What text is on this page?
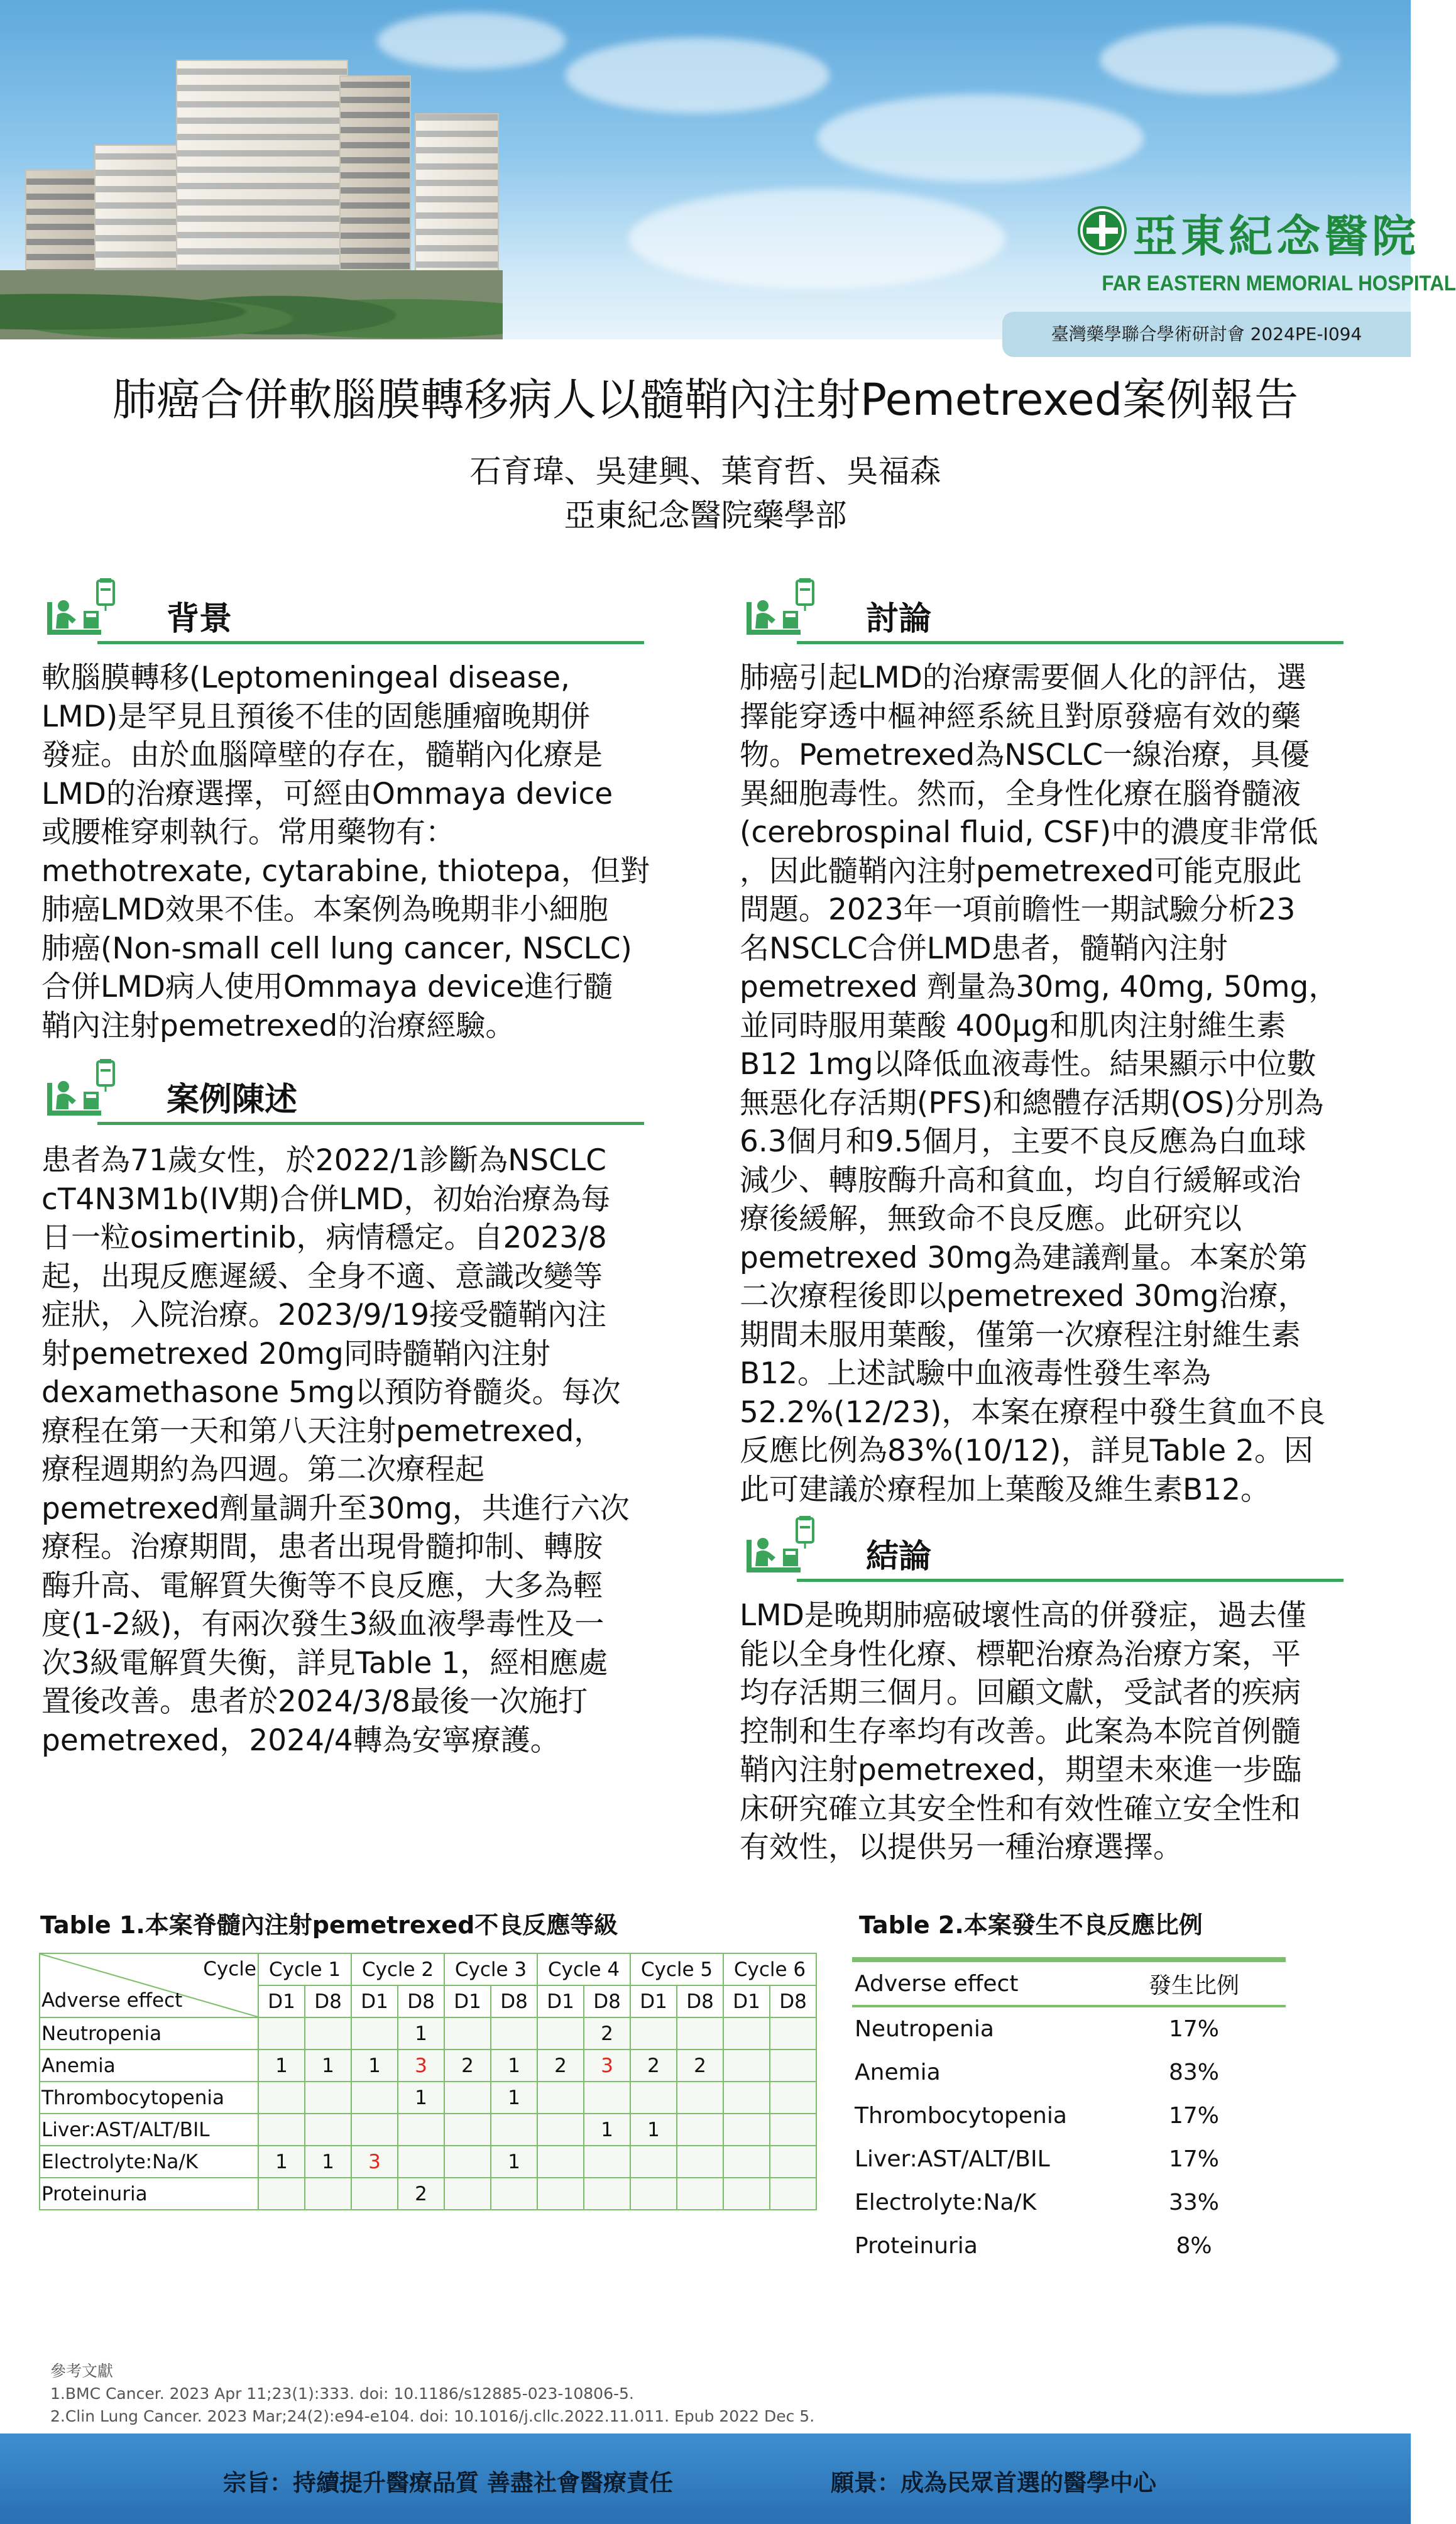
亞東紀念醫院
FAR EASTERN MEMORIAL HOSPITAL
臺灣藥學聯合學術研討會 2024PE-I094
肺癌合併軟腦膜轉移病人以髓鞘內注射Pemetrexed案例報告
石育瑋、吳建興、葉育哲、吳福森
亞東紀念醫院藥學部
背景
軟腦膜轉移(Leptomeningeal disease,
LMD)是罕見且預後不佳的固態腫瘤晚期併
發症。由於血腦障壁的存在，髓鞘內化療是
LMD的治療選擇，可經由Ommaya device
或腰椎穿刺執行。常用藥物有：
methotrexate, cytarabine, thiotepa，但對
肺癌LMD效果不佳。本案例為晚期非小細胞
肺癌(Non-small cell lung cancer, NSCLC)
合併LMD病人使用Ommaya device進行髓
鞘內注射pemetrexed的治療經驗。
案例陳述
患者為71歲女性，於2022/1診斷為NSCLC
cT4N3M1b(IV期)合併LMD，初始治療為每
日一粒osimertinib，病情穩定。自2023/8
起，出現反應遲緩、全身不適、意識改變等
症狀，入院治療。2023/9/19接受髓鞘內注
射pemetrexed 20mg同時髓鞘內注射
dexamethasone 5mg以預防脊髓炎。每次
療程在第一天和第八天注射pemetrexed，
療程週期約為四週。第二次療程起
pemetrexed劑量調升至30mg，共進行六次
療程。治療期間，患者出現骨髓抑制、轉胺
酶升高、電解質失衡等不良反應，大多為輕
度(1-2級)，有兩次發生3級血液學毒性及一
次3級電解質失衡，詳見Table 1，經相應處
置後改善。患者於2024/3/8最後一次施打
pemetrexed，2024/4轉為安寧療護。
討論
肺癌引起LMD的治療需要個人化的評估，選
擇能穿透中樞神經系統且對原發癌有效的藥
物。Pemetrexed為NSCLC一線治療，具優
異細胞毒性。然而，全身性化療在腦脊髓液
(cerebrospinal fluid, CSF)中的濃度非常低
，因此髓鞘內注射pemetrexed可能克服此
問題。2023年一項前瞻性一期試驗分析23
名NSCLC合併LMD患者，髓鞘內注射
pemetrexed 劑量為30mg, 40mg, 50mg，
並同時服用葉酸 400μg和肌肉注射維生素
B12 1mg以降低血液毒性。結果顯示中位數
無惡化存活期(PFS)和總體存活期(OS)分別為
6.3個月和9.5個月，主要不良反應為白血球
減少、轉胺酶升高和貧血，均自行緩解或治
療後緩解，無致命不良反應。此研究以
pemetrexed 30mg為建議劑量。本案於第
二次療程後即以pemetrexed 30mg治療，
期間未服用葉酸，僅第一次療程注射維生素
B12。上述試驗中血液毒性發生率為
52.2%(12/23)，本案在療程中發生貧血不良
反應比例為83%(10/12)，詳見Table 2。因
此可建議於療程加上葉酸及維生素B12。
結論
LMD是晚期肺癌破壞性高的併發症，過去僅
能以全身性化療、標靶治療為治療方案，平
均存活期三個月。回顧文獻，受試者的疾病
控制和生存率均有改善。此案為本院首例髓
鞘內注射pemetrexed，期望未來進一步臨
床研究確立其安全性和有效性確立安全性和
有效性，以提供另一種治療選擇。
Table 1.本案脊髓內注射pemetrexed不良反應等級
Cycle
Adverse effect	Cycle 1		Cycle 2		Cycle 3		Cycle 4		Cycle 5		Cycle 6	
	D1	D8	D1	D8	D1	D8	D1	D8	D1	D8	D1	D8
Neutropenia				1				2				
Anemia	1	1	1	3	2	1	2	3	2	2		
Thrombocytopenia				1		1						
Liver:AST/ALT/BIL								1	1			
Electrolyte:Na/K	1	1	3			1						
Proteinuria				2								
Table 2.本案發生不良反應比例
Adverse effect	發生比例
Neutropenia	17%
Anemia	83%
Thrombocytopenia	17%
Liver:AST/ALT/BIL	17%
Electrolyte:Na/K	33%
Proteinuria	8%
參考文獻
1.BMC Cancer. 2023 Apr 11;23(1):333. doi: 10.1186/s12885-023-10806-5.
2.Clin Lung Cancer. 2023 Mar;24(2):e94-e104. doi: 10.1016/j.cllc.2022.11.011. Epub 2022 Dec 5.
宗旨：持續提升醫療品質 善盡社會醫療責任	願景：成為民眾首選的醫學中心
